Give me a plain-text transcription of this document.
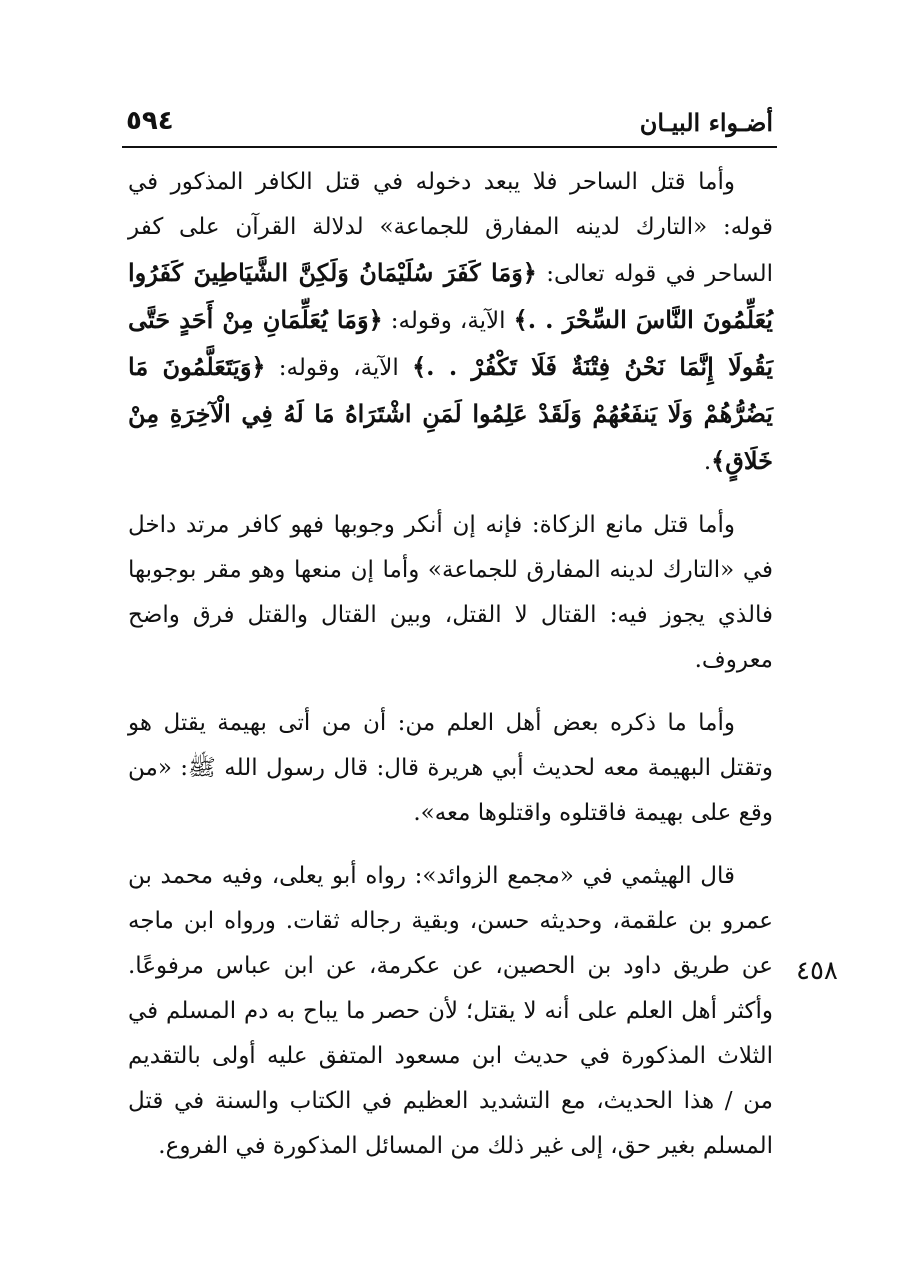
٥٩٤	أضـواء البيـان

وأما قتل الساحر فلا يبعد دخوله في قتل الكافر المذكور في قوله: «التارك لدينه المفارق للجماعة» لدلالة القرآن على كفر الساحر في قوله تعالى: ﴿وَمَا كَفَرَ سُلَيْمَانُ وَلَكِنَّ الشَّيَاطِينَ كَفَرُوا يُعَلِّمُونَ النَّاسَ السِّحْرَ . .﴾ الآية، وقوله: ﴿وَمَا يُعَلِّمَانِ مِنْ أَحَدٍ حَتَّى يَقُولَا إِنَّمَا نَحْنُ فِتْنَةٌ فَلَا تَكْفُرْ . .﴾ الآية، وقوله: ﴿وَيَتَعَلَّمُونَ مَا يَضُرُّهُمْ وَلَا يَنفَعُهُمْ وَلَقَدْ عَلِمُوا لَمَنِ اشْتَرَاهُ مَا لَهُ فِي الْآخِرَةِ مِنْ خَلَاقٍ﴾.

وأما قتل مانع الزكاة: فإنه إن أنكر وجوبها فهو كافر مرتد داخل في «التارك لدينه المفارق للجماعة» وأما إن منعها وهو مقر بوجوبها فالذي يجوز فيه: القتال لا القتل، وبين القتال والقتل فرق واضح معروف.

وأما ما ذكره بعض أهل العلم من: أن من أتى بهيمة يقتل هو وتقتل البهيمة معه لحديث أبي هريرة قال: قال رسول الله ﷺ: «من وقع على بهيمة فاقتلوه واقتلوها معه».

قال الهيثمي في «مجمع الزوائد»: رواه أبو يعلى، وفيه محمد بن عمرو بن علقمة، وحديثه حسن، وبقية رجاله ثقات. ورواه ابن ماجه عن طريق داود بن الحصين، عن عكرمة، عن ابن عباس مرفوعًا. وأكثر أهل العلم على أنه لا يقتل؛ لأن حصر ما يباح به دم المسلم في الثلاث المذكورة في حديث ابن مسعود المتفق عليه أولى بالتقديم من / هذا الحديث، مع التشديد العظيم في الكتاب والسنة في قتل المسلم بغير حق، إلى غير ذلك من المسائل المذكورة في الفروع.

٤٥٨
